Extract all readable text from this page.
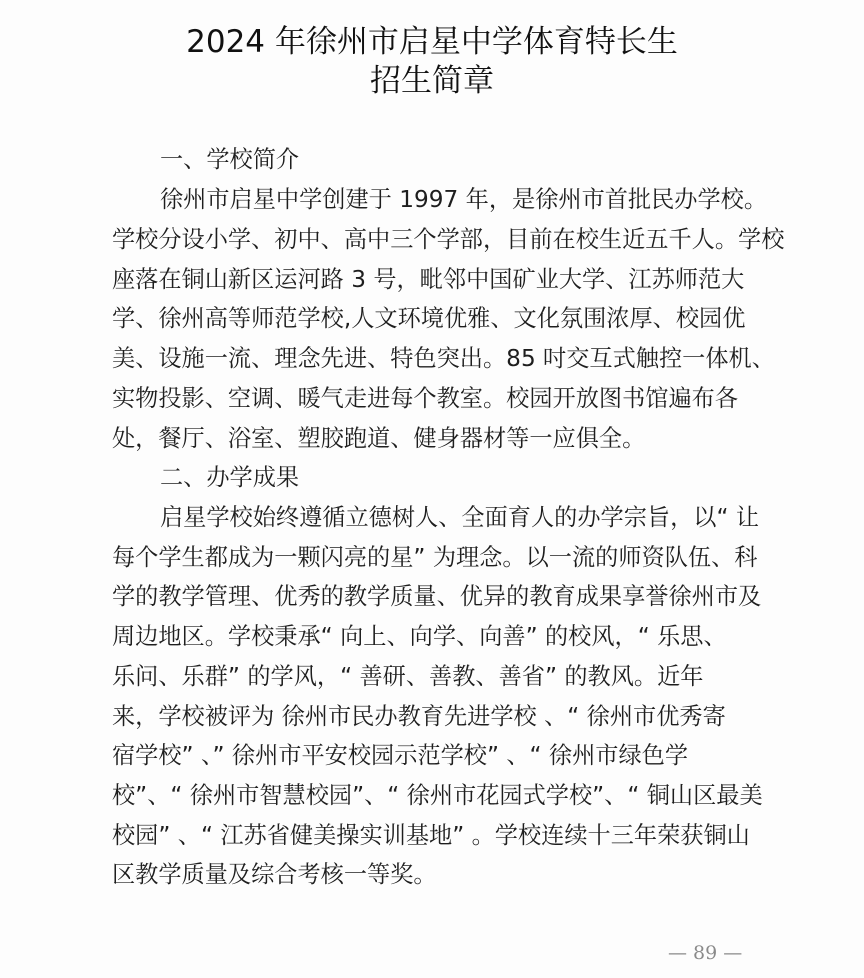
2024 年徐州市启星中学体育特长生
招生简章
一、学校简介
徐州市启星中学创建于 1997 年，是徐州市首批民办学校。
学校分设小学、初中、高中三个学部，目前在校生近五千人。学校
座落在铜山新区运河路 3 号，毗邻中国矿业大学、江苏师范大
学、徐州高等师范学校,人文环境优雅、文化氛围浓厚、校园优
美、设施一流、理念先进、特色突出。85 吋交互式触控一体机、
实物投影、空调、暖气走进每个教室。校园开放图书馆遍布各
处，餐厅、浴室、塑胶跑道、健身器材等一应俱全。
二、办学成果
启星学校始终遵循立德树人、全面育人的办学宗旨，以“ 让
每个学生都成为一颗闪亮的星” 为理念。以一流的师资队伍、科
学的教学管理、优秀的教学质量、优异的教育成果享誉徐州市及
周边地区。学校秉承“ 向上、向学、向善” 的校风，“ 乐思、
乐问、乐群” 的学风，“ 善研、善教、善省” 的教风。近年
来，学校被评为 徐州市民办教育先进学校 、“ 徐州市优秀寄
宿学校” 、” 徐州市平安校园示范学校” 、“ 徐州市绿色学
校”、“ 徐州市智慧校园”、“ 徐州市花园式学校”、“ 铜山区最美
校园” 、“ 江苏省健美操实训基地” 。学校连续十三年荣获铜山
区教学质量及综合考核一等奖。
— 89 —
